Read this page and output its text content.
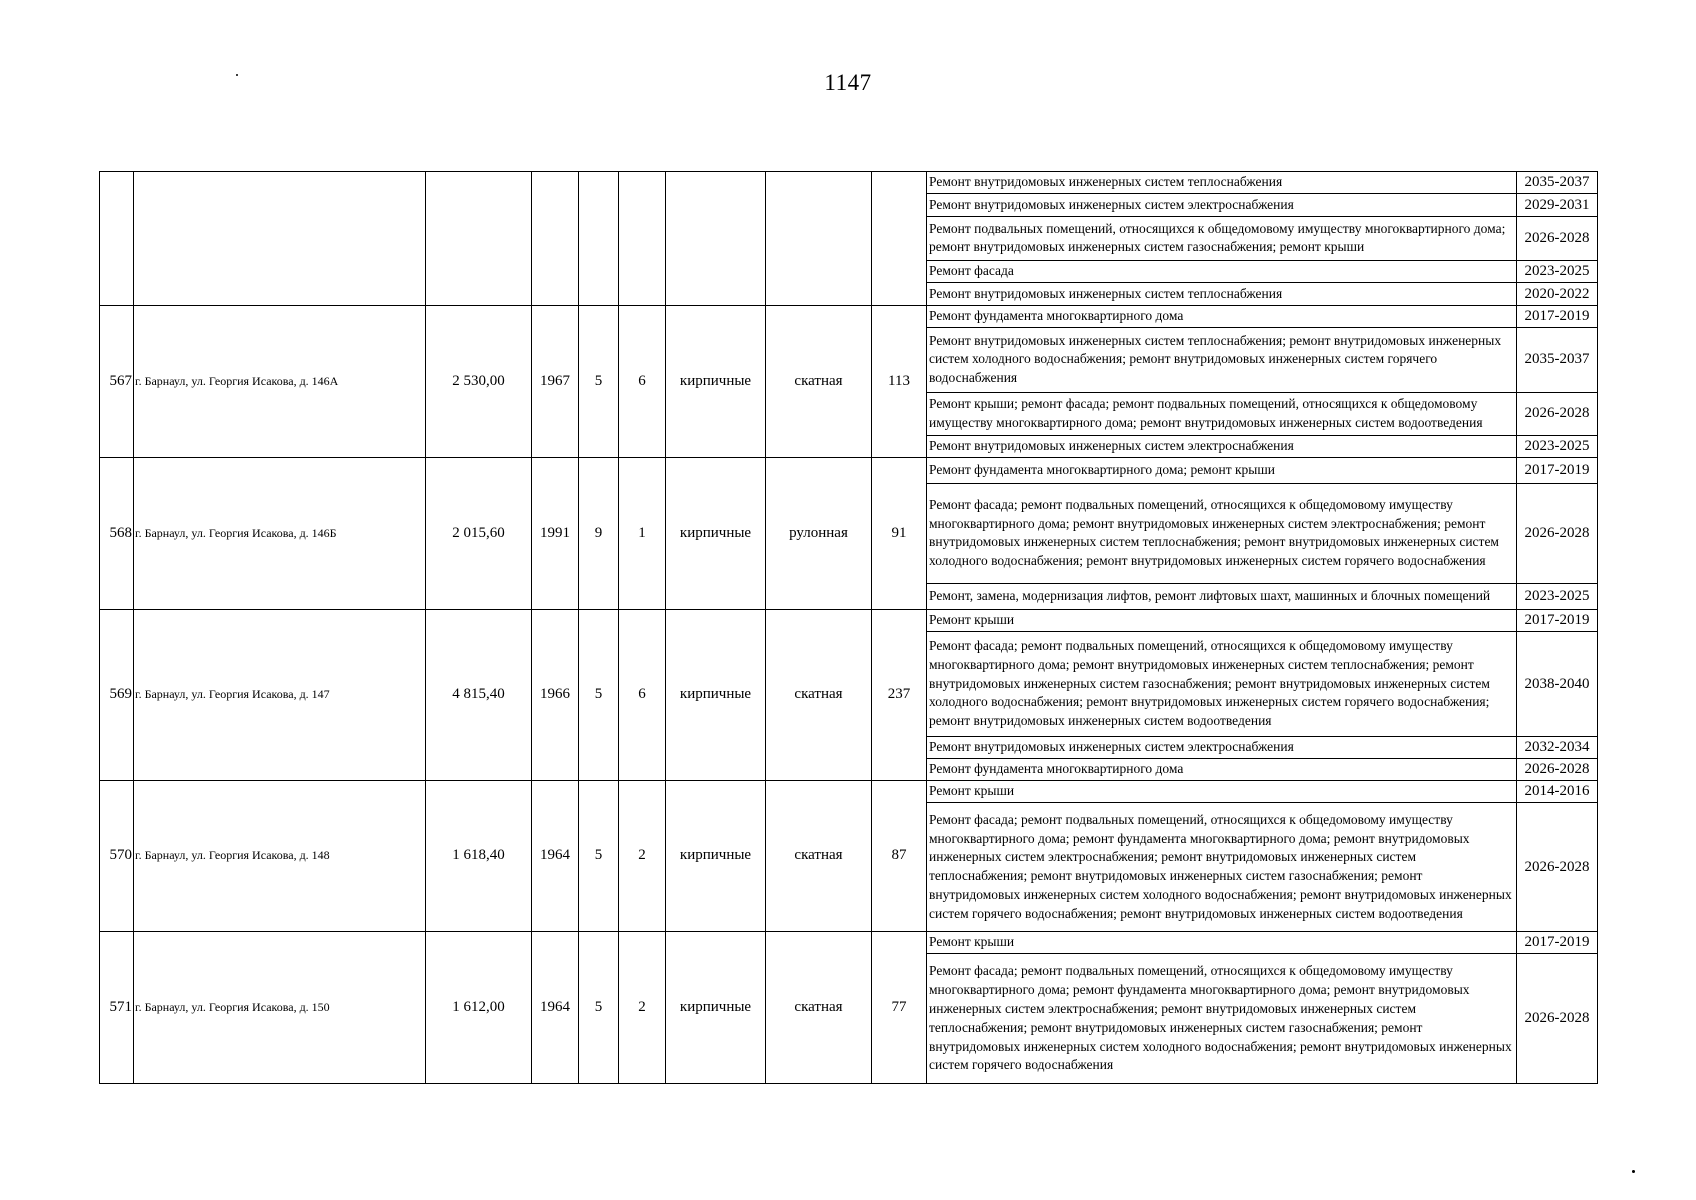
1147

Ремонт внутридомовых инженерных систем теплоснабжения	2035-2037
Ремонт внутридомовых инженерных систем электроснабжения	2029-2031
Ремонт подвальных помещений, относящихся к общедомовому имуществу многоквартирного дома; ремонт внутридомовых инженерных систем газоснабжения; ремонт крыши	2026-2028
Ремонт фасада	2023-2025
Ремонт внутридомовых инженерных систем теплоснабжения	2020-2022

567	г. Барнаул, ул. Георгия Исакова, д. 146А	2 530,00	1967	5	6	кирпичные	скатная	113	
Ремонт фундамента многоквартирного дома	2017-2019
Ремонт внутридомовых инженерных систем теплоснабжения; ремонт внутридомовых инженерных систем холодного водоснабжения; ремонт внутридомовых инженерных систем горячего водоснабжения	2035-2037
Ремонт крыши; ремонт фасада; ремонт подвальных помещений, относящихся к общедомовому имуществу многоквартирного дома; ремонт внутридомовых инженерных систем водоотведения	2026-2028
Ремонт внутридомовых инженерных систем электроснабжения	2023-2025

568	г. Барнаул, ул. Георгия Исакова, д. 146Б	2 015,60	1991	9	1	кирпичные	рулонная	91	
Ремонт фундамента многоквартирного дома; ремонт крыши	2017-2019
Ремонт фасада; ремонт подвальных помещений, относящихся к общедомовому имуществу многоквартирного дома; ремонт внутридомовых инженерных систем электроснабжения; ремонт внутридомовых инженерных систем теплоснабжения; ремонт внутридомовых инженерных систем холодного водоснабжения; ремонт внутридомовых инженерных систем горячего водоснабжения	2026-2028
Ремонт, замена, модернизация лифтов, ремонт лифтовых шахт, машинных и блочных помещений	2023-2025

569	г. Барнаул, ул. Георгия Исакова, д. 147	4 815,40	1966	5	6	кирпичные	скатная	237	
Ремонт крыши	2017-2019
Ремонт фасада; ремонт подвальных помещений, относящихся к общедомовому имуществу многоквартирного дома; ремонт внутридомовых инженерных систем теплоснабжения; ремонт внутридомовых инженерных систем газоснабжения; ремонт внутридомовых инженерных систем холодного водоснабжения; ремонт внутридомовых инженерных систем горячего водоснабжения; ремонт внутридомовых инженерных систем водоотведения	2038-2040
Ремонт внутридомовых инженерных систем электроснабжения	2032-2034
Ремонт фундамента многоквартирного дома	2026-2028

570	г. Барнаул, ул. Георгия Исакова, д. 148	1 618,40	1964	5	2	кирпичные	скатная	87	
Ремонт крыши	2014-2016
Ремонт фасада; ремонт подвальных помещений, относящихся к общедомовому имуществу многоквартирного дома; ремонт фундамента многоквартирного дома; ремонт внутридомовых инженерных систем электроснабжения; ремонт внутридомовых инженерных систем теплоснабжения; ремонт внутридомовых инженерных систем газоснабжения; ремонт внутридомовых инженерных систем холодного водоснабжения; ремонт внутридомовых инженерных систем горячего водоснабжения; ремонт внутридомовых инженерных систем водоотведения	2026-2028

571	г. Барнаул, ул. Георгия Исакова, д. 150	1 612,00	1964	5	2	кирпичные	скатная	77	
Ремонт крыши	2017-2019
Ремонт фасада; ремонт подвальных помещений, относящихся к общедомовому имуществу многоквартирного дома; ремонт фундамента многоквартирного дома; ремонт внутридомовых инженерных систем электроснабжения; ремонт внутридомовых инженерных систем теплоснабжения; ремонт внутридомовых инженерных систем газоснабжения; ремонт внутридомовых инженерных систем холодного водоснабжения; ремонт внутридомовых инженерных систем горячего водоснабжения	2026-2028
